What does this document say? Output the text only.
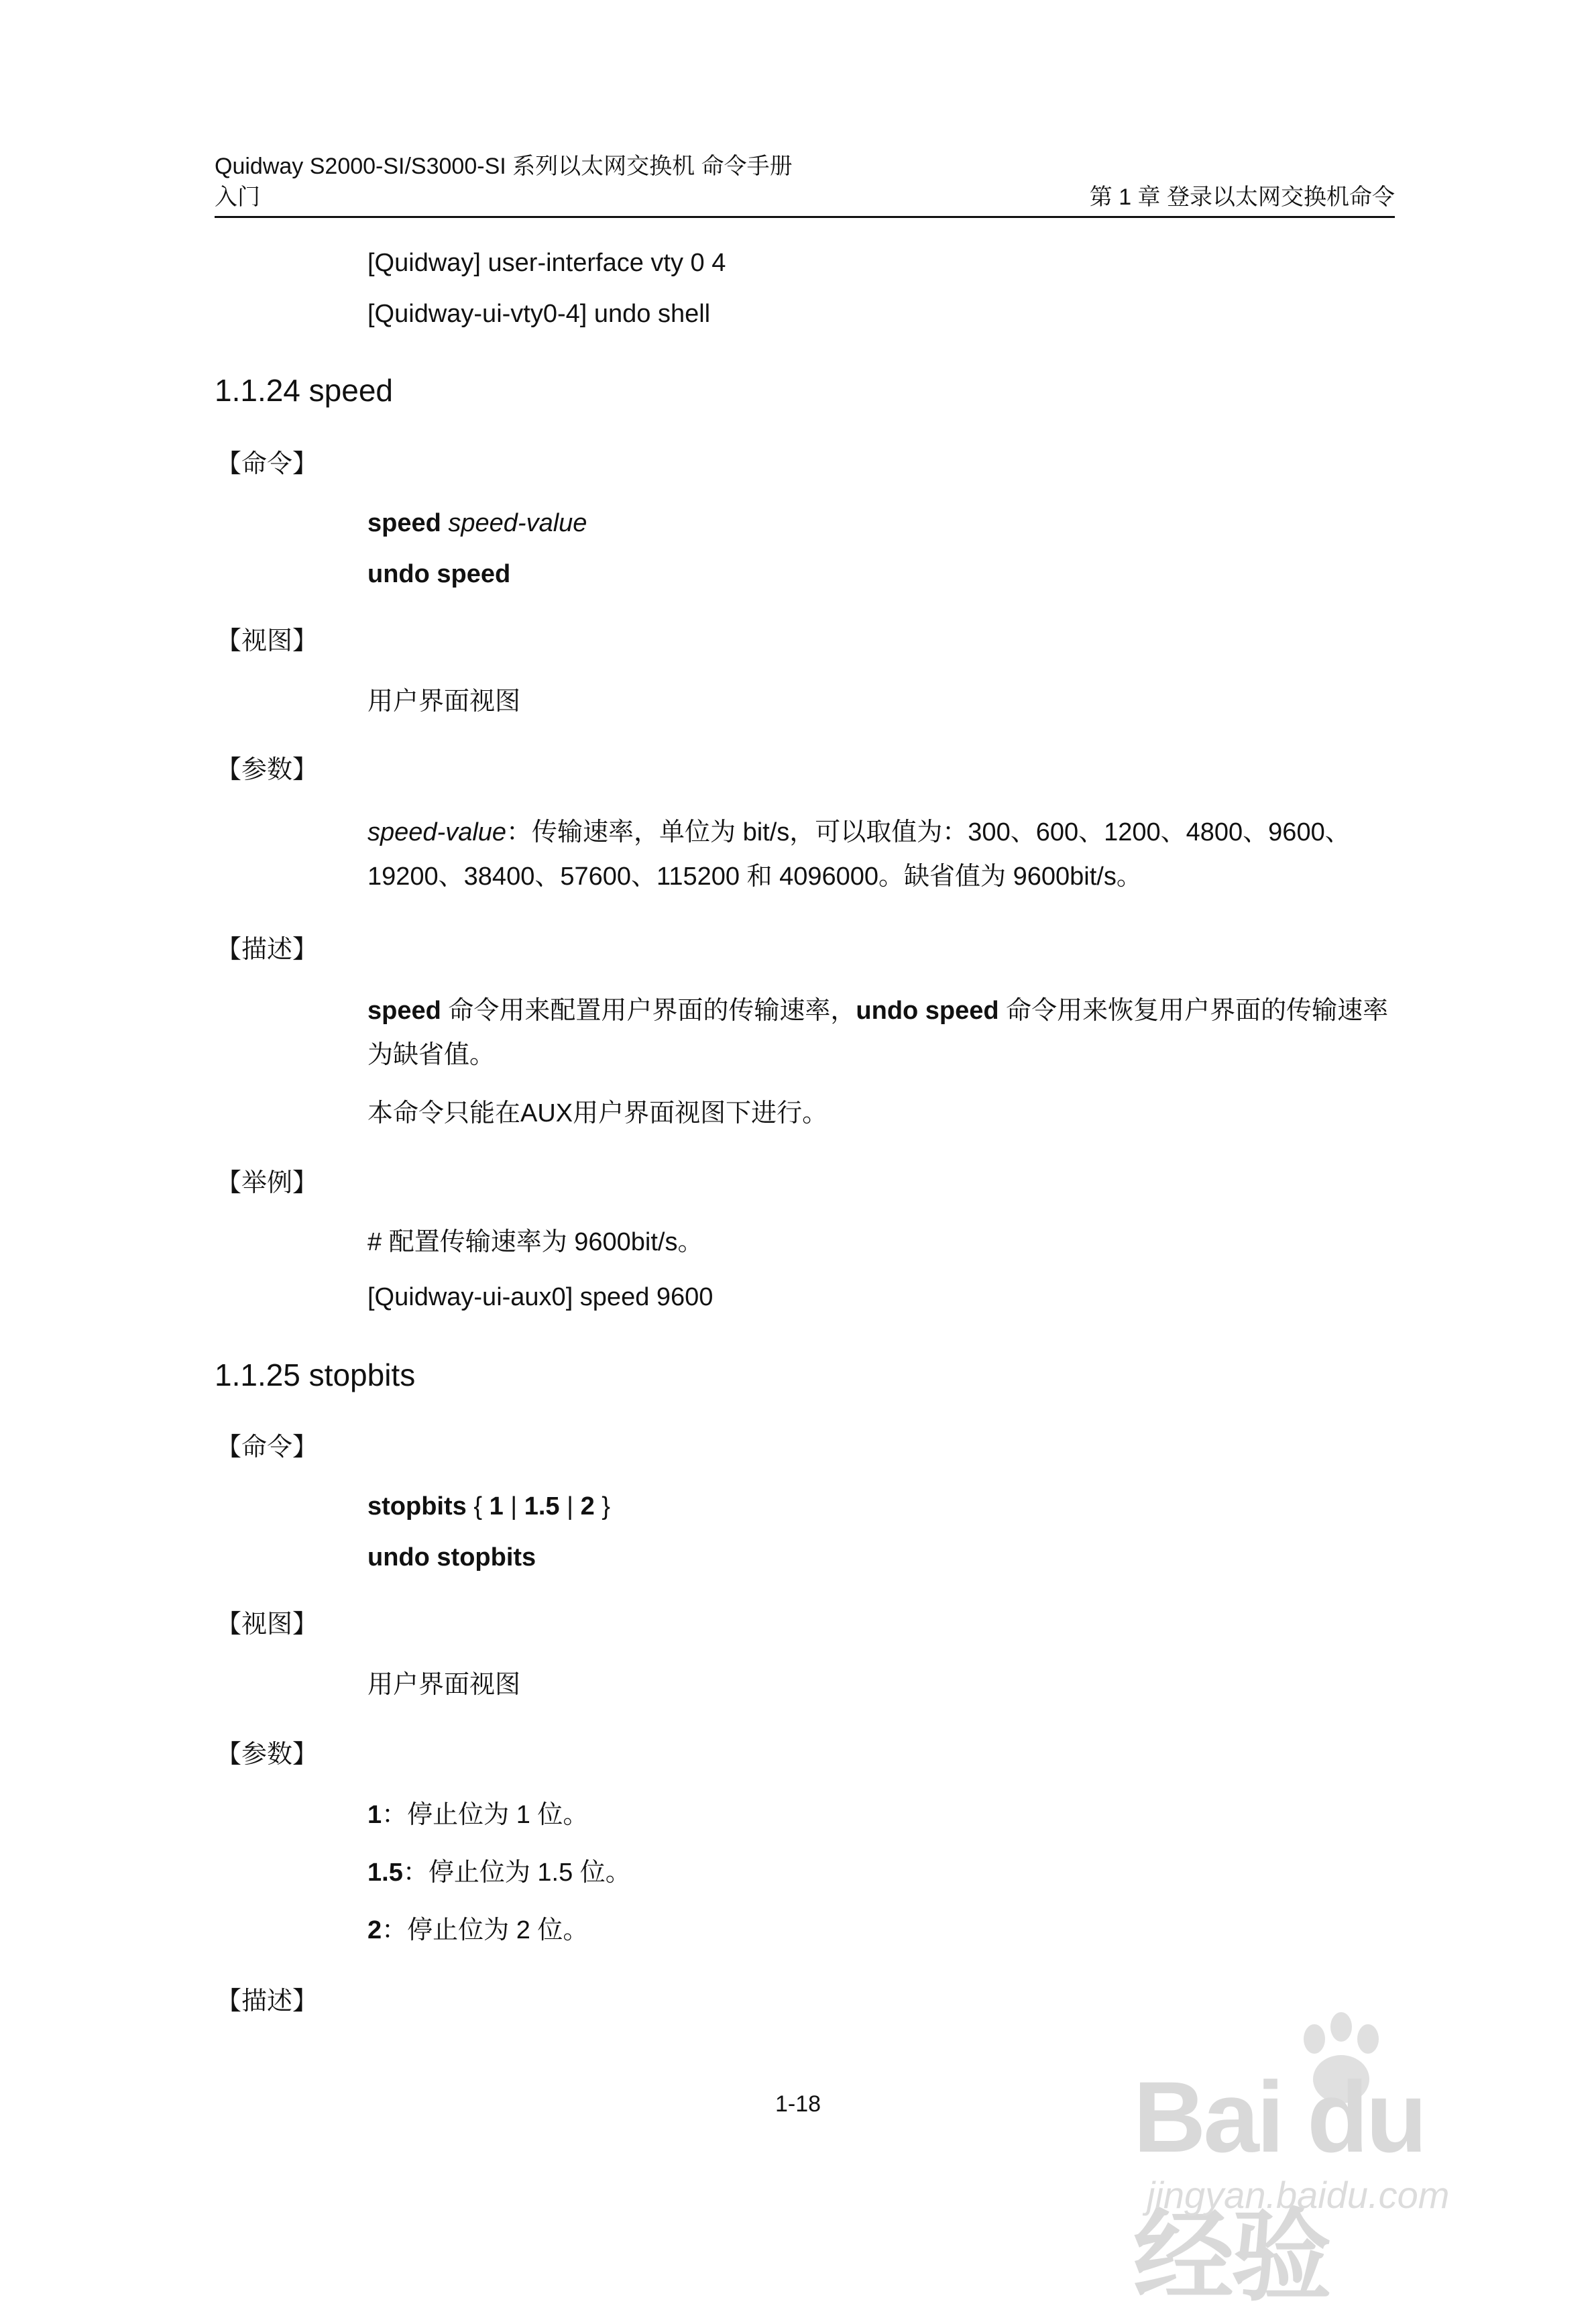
Quidway S2000-SI/S3000-SI 系列以太网交换机 命令手册
入门	第 1 章 登录以太网交换机命令
[Quidway] user-interface vty 0 4
[Quidway-ui-vty0-4] undo shell
1.1.24 speed
【命令】
speed speed-value
undo speed
【视图】
用户界面视图
【参数】
speed-value：传输速率，单位为 bit/s，可以取值为：300、600、1200、4800、9600、19200、38400、57600、115200 和 4096000。缺省值为 9600bit/s。
【描述】
speed 命令用来配置用户界面的传输速率，undo speed 命令用来恢复用户界面的传输速率为缺省值。
本命令只能在AUX用户界面视图下进行。
【举例】
# 配置传输速率为 9600bit/s。
[Quidway-ui-aux0] speed 9600
1.1.25 stopbits
【命令】
stopbits { 1 | 1.5 | 2 }
undo stopbits
【视图】
用户界面视图
【参数】
1：停止位为 1 位。
1.5：停止位为 1.5 位。
2：停止位为 2 位。
【描述】
1-18	Bai du 经验
jingyan.baidu.com
